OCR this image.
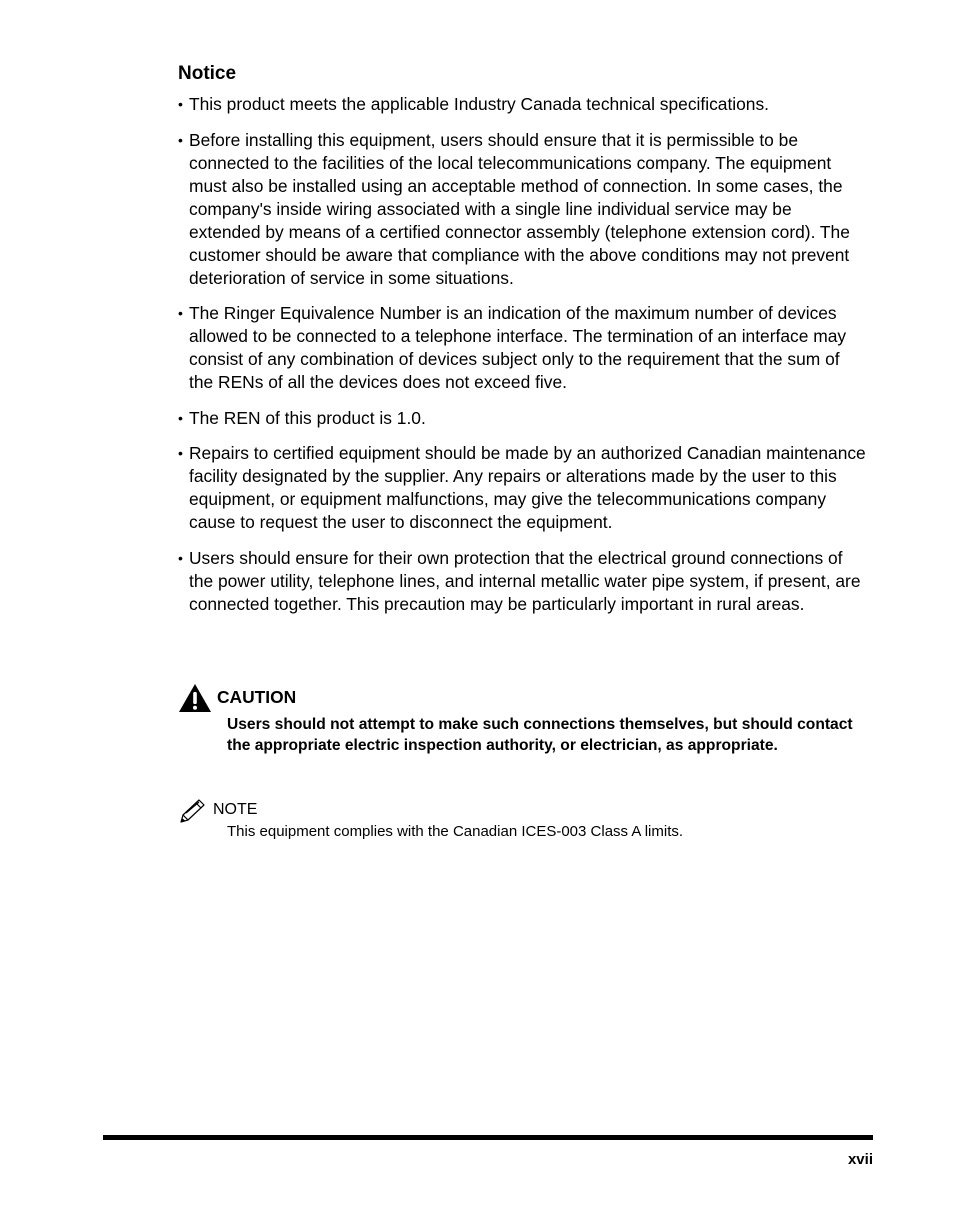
Notice
• This product meets the applicable Industry Canada technical specifications.
• Before installing this equipment, users should ensure that it is permissible to be connected to the facilities of the local telecommunications company. The equipment must also be installed using an acceptable method of connection. In some cases, the company's inside wiring associated with a single line individual service may be extended by means of a certified connector assembly (telephone extension cord). The customer should be aware that compliance with the above conditions may not prevent deterioration of service in some situations.
• The Ringer Equivalence Number is an indication of the maximum number of devices allowed to be connected to a telephone interface. The termination of an interface may consist of any combination of devices subject only to the requirement that the sum of the RENs of all the devices does not exceed five.
• The REN of this product is 1.0.
• Repairs to certified equipment should be made by an authorized Canadian maintenance facility designated by the supplier. Any repairs or alterations made by the user to this equipment, or equipment malfunctions, may give the telecommunications company cause to request the user to disconnect the equipment.
• Users should ensure for their own protection that the electrical ground connections of the power utility, telephone lines, and internal metallic water pipe system, if present, are connected together. This precaution may be particularly important in rural areas.

CAUTION

Users should not attempt to make such connections themselves, but should contact the appropriate electric inspection authority, or electrician, as appropriate.

NOTE

This equipment complies with the Canadian ICES-003 Class A limits.

xvii
